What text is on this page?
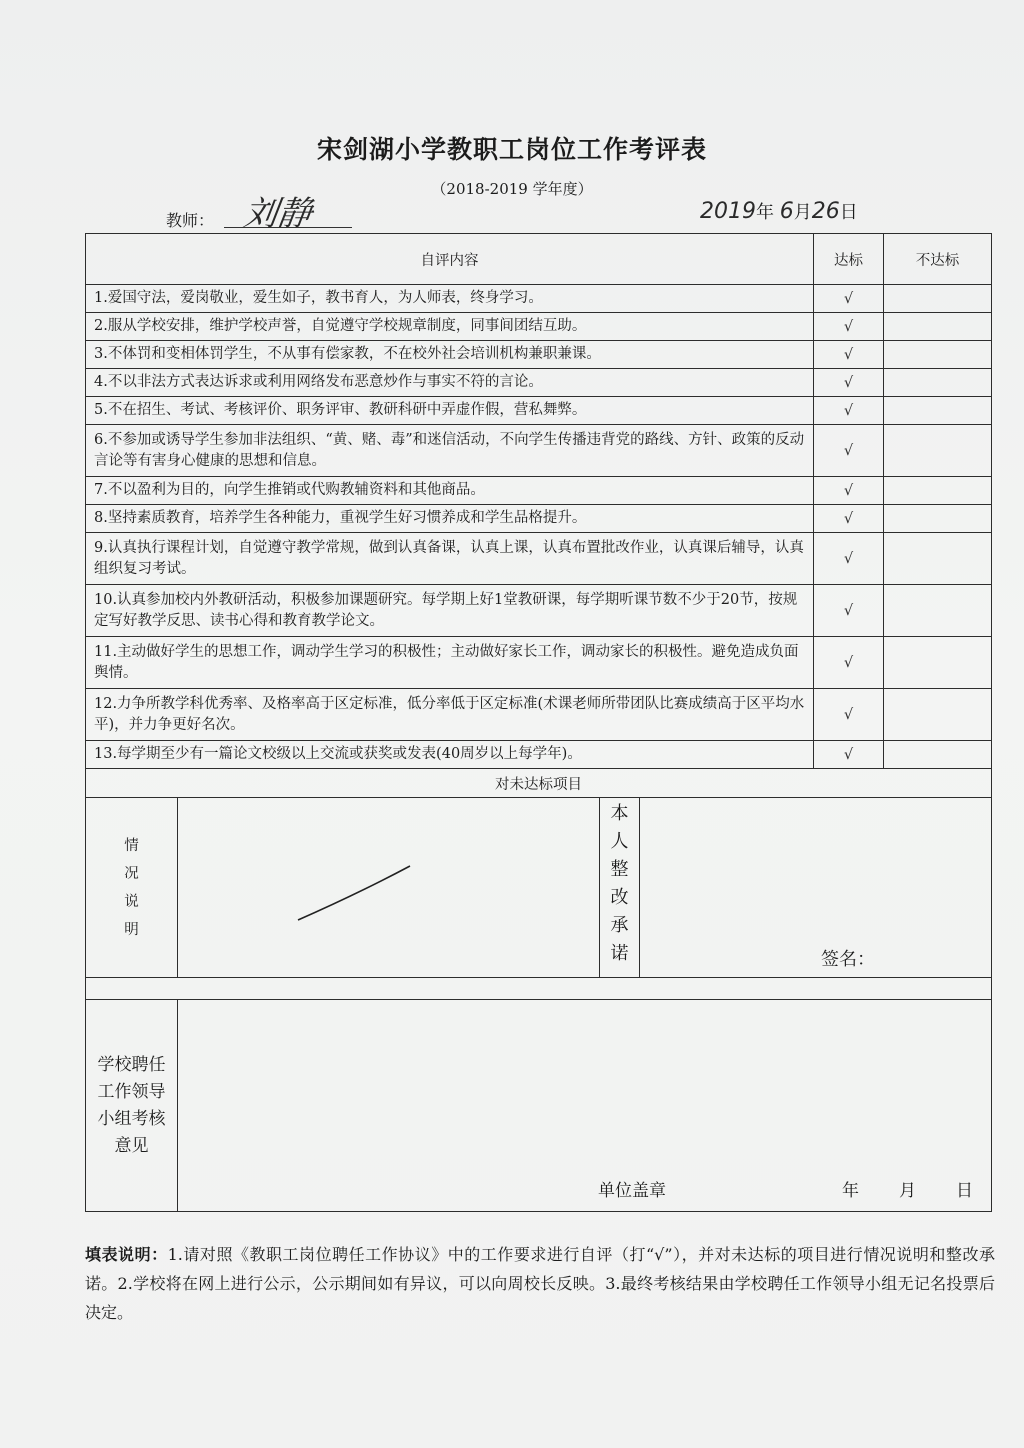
宋剑湖小学教职工岗位工作考评表
（2018-2019 学年度）
教师： 刘静	2019年 6月26日
自评内容			达标	不达标
1.爱国守法，爱岗敬业，爱生如子，教书育人，为人师表，终身学习。			√	
2.服从学校安排，维护学校声誉，自觉遵守学校规章制度，同事间团结互助。			√	
3.不体罚和变相体罚学生，不从事有偿家教，不在校外社会培训机构兼职兼课。			√	
4.不以非法方式表达诉求或利用网络发布恶意炒作与事实不符的言论。			√	
5.不在招生、考试、考核评价、职务评审、教研科研中弄虚作假，营私舞弊。			√	
6.不参加或诱导学生参加非法组织、“黄、赌、毒”和迷信活动，不向学生传播违背党的路线、方针、政策的反动言论等有害身心健康的思想和信息。			√	
7.不以盈利为目的，向学生推销或代购教辅资料和其他商品。			√	
8.坚持素质教育，培养学生各种能力，重视学生好习惯养成和学生品格提升。			√	
9.认真执行课程计划，自觉遵守教学常规，做到认真备课，认真上课，认真布置批改作业，认真课后辅导，认真组织复习考试。			√	
10.认真参加校内外教研活动，积极参加课题研究。每学期上好1堂教研课，每学期听课节数不少于20节，按规定写好教学反思、读书心得和教育教学论文。			√	
11.主动做好学生的思想工作，调动学生学习的积极性；主动做好家长工作，调动家长的积极性。避免造成负面舆情。			√	
12.力争所教学科优秀率、及格率高于区定标准，低分率低于区定标准(术课老师所带团队比赛成绩高于区平均水平)，并力争更好名次。			√	
13.每学期至少有一篇论文校级以上交流或获奖或发表(40周岁以上每学年)。			√	
对未达标项目				

情况说明		本人整改承诺 签名：		

学校聘任工作领导小组考核意见	单位盖章 年 月 日			
填表说明：1.请对照《教职工岗位聘任工作协议》中的工作要求进行自评（打“√”），并对未达标的项目进行情况说明和整改承诺。2.学校将在网上进行公示，公示期间如有异议，可以向周校长反映。3.最终考核结果由学校聘任工作领导小组无记名投票后决定。
